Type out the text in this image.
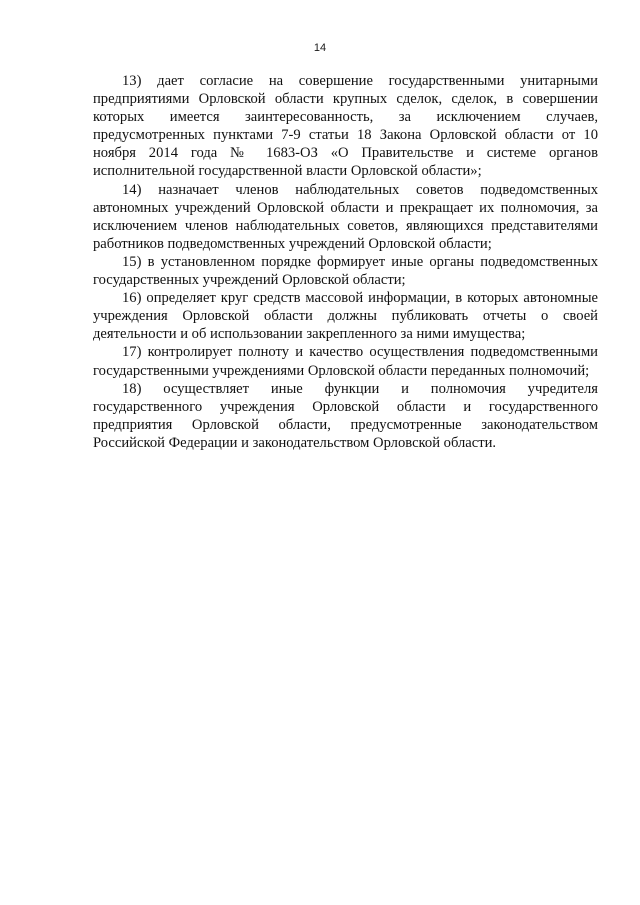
14

13) дает согласие на совершение государственными унитарными предприятиями Орловской области крупных сделок, сделок, в совершении которых имеется заинтересованность, за исключением случаев, предусмотренных пунктами 7-9 статьи 18 Закона Орловской области от 10 ноября 2014 года № 1683-ОЗ «О Правительстве и системе органов исполнительной государственной власти Орловской области»;

14) назначает членов наблюдательных советов подведомственных автономных учреждений Орловской области и прекращает их полномочия, за исключением членов наблюдательных советов, являющихся представителями работников подведомственных учреждений Орловской области;

15) в установленном порядке формирует иные органы подведомственных государственных учреждений Орловской области;

16) определяет круг средств массовой информации, в которых автономные учреждения Орловской области должны публиковать отчеты о своей деятельности и об использовании закрепленного за ними имущества;

17) контролирует полноту и качество осуществления подведомственными государственными учреждениями Орловской области переданных полномочий;

18) осуществляет иные функции и полномочия учредителя государственного учреждения Орловской области и государственного предприятия Орловской области, предусмотренные законодательством Российской Федерации и законодательством Орловской области.
